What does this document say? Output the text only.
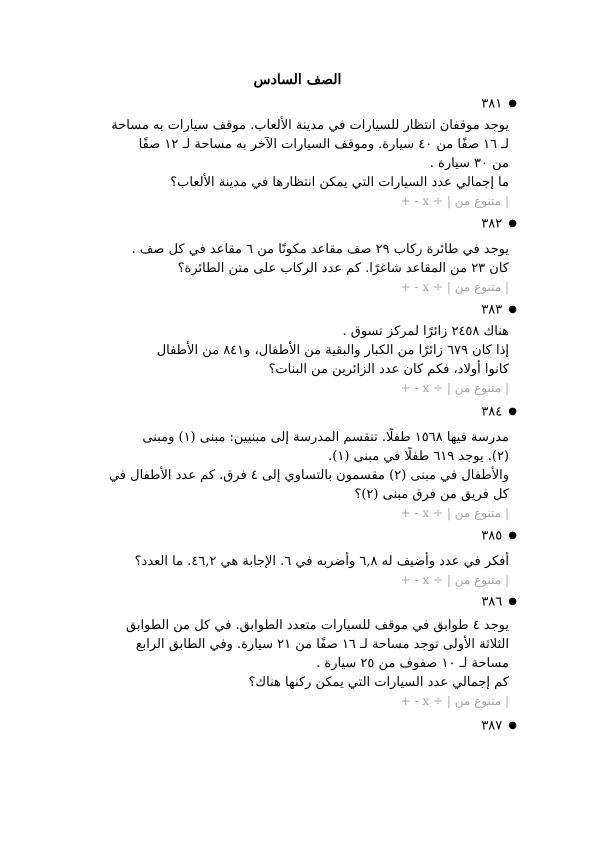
الصف السادس
●٣٨١
يوجد موقفان انتظار للسيارات في مدينة الألعاب. موقف سيارات به مساحة
لـ ١٦ صفًا من ٤٠ سيارة. وموقف السيارات الآخر به مساحة لـ ١٢ صفًا
من ٣٠ سيارة .
ما إجمالي عدد السيارات التي يمكن انتظارها في مدينة الألعاب؟
| متنوع من | ÷ x - +
●٣٨٢
يوجد في طائرة ركاب ٢٩ صف مقاعد مكونًا من ٦ مقاعد في كل صف .
كان ٢٣ من المقاعد شاغرًا. كم عدد الركاب على متن الطائرة؟
| متنوع من | ÷ x - +
●٣٨٣
هناك ٢٤٥٨ زائرًا لمركز تسوق .
إذا كان ٦٧٩ زائرًا من الكبار والبقية من الأطفال، و٨٤١ من الأطفال
كانوا أولاد، فكم كان عدد الزائرين من البنات؟
| متنوع من | ÷ x - +
●٣٨٤
مدرسة فيها ١٥٦٨ طفلًا. تنقسم المدرسة إلى مبنيين: مبنى (١) ومبنى
(٢). يوجد ٦١٩ طفلًا في مبنى (١).
والأطفال في مبنى (٢) مقسمون بالتساوي إلى ٤ فرق. كم عدد الأطفال في
كل فريق من فرق مبنى (٢)؟
| متنوع من | ÷ x - +
●٣٨٥
أفكر في عدد وأضيف له ٦,٨ وأضربه في ٦. الإجابة هي ٤٦,٢. ما العدد؟
| متنوع من | ÷ x - +
●٣٨٦
يوجد ٤ طوابق في موقف للسيارات متعدد الطوابق. في كل من الطوابق
الثلاثة الأولى توجد مساحة لـ ١٦ صفًا من ٢١ سيارة. وفي الطابق الرابع
مساحة لـ ١٠ صفوف من ٢٥ سيارة .
كم إجمالي عدد السيارات التي يمكن ركنها هناك؟
| متنوع من | ÷ x - +
●٣٨٧
